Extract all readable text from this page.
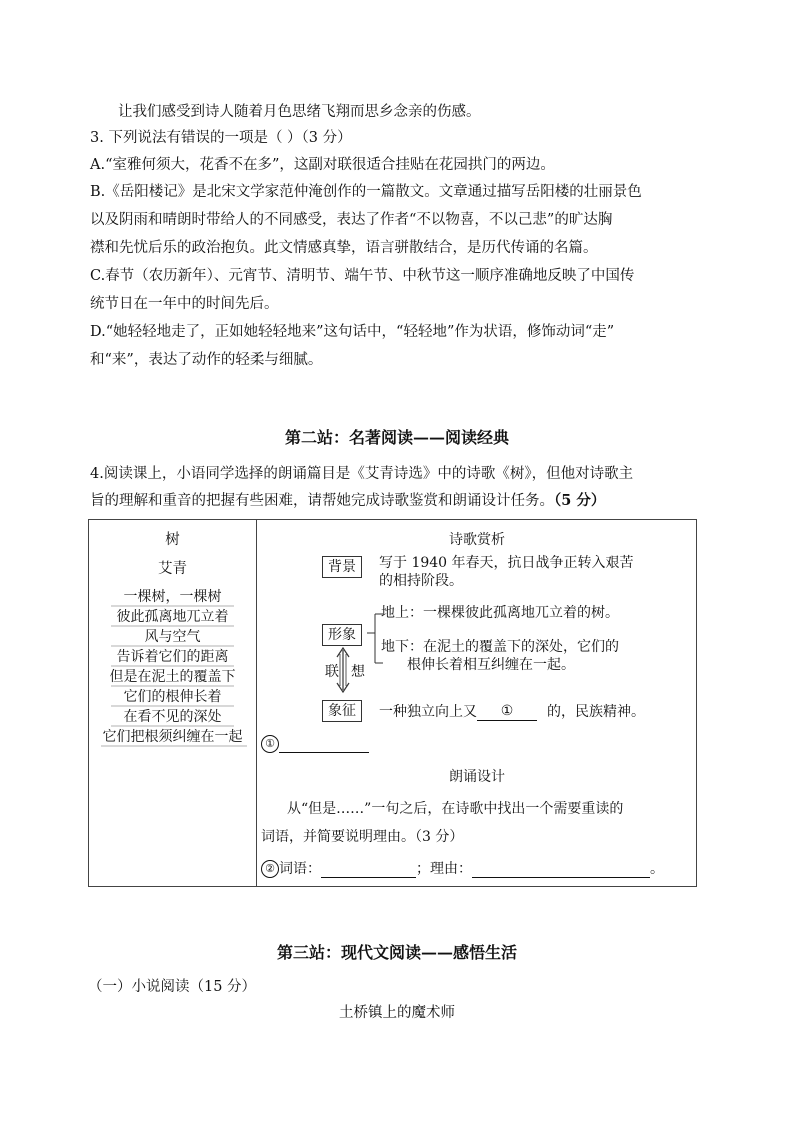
让我们感受到诗人随着月色思绪飞翔而思乡念亲的伤感。
3. 下列说法有错误的一项是（ ）（3 分）
A.“室雅何须大，花香不在多”，这副对联很适合挂贴在花园拱门的两边。
B.《岳阳楼记》是北宋文学家范仲淹创作的一篇散文。文章通过描写岳阳楼的壮丽景色
以及阴雨和晴朗时带给人的不同感受，表达了作者“不以物喜，不以己悲”的旷达胸
襟和先忧后乐的政治抱负。此文情感真挚，语言骈散结合，是历代传诵的名篇。
C.春节（农历新年）、元宵节、清明节、端午节、中秋节这一顺序准确地反映了中国传
统节日在一年中的时间先后。
D.“她轻轻地走了，正如她轻轻地来”这句话中，“轻轻地”作为状语，修饰动词“走”
和“来”，表达了动作的轻柔与细腻。
第二站：名著阅读——阅读经典
4.阅读课上，小语同学选择的朗诵篇目是《艾青诗选》中的诗歌《树》，但他对诗歌主
旨的理解和重音的把握有些困难，请帮她完成诗歌鉴赏和朗诵设计任务。（5 分）
树
艾青
一棵树，一棵树
彼此孤离地兀立着
风与空气
告诉着它们的距离
但是在泥土的覆盖下
它们的根伸长着
在看不见的深处
它们把根须纠缠在一起
诗歌赏析
背景	写于 1940 年春天，抗日战争正转入艰苦
的相持阶段。
形象
地上：一棵棵彼此孤离地兀立着的树。
地下：在泥土的覆盖下的深处，它们的
根伸长着相互纠缠在一起。
联 想
象征	一种独立向上又 ① 的，民族精神。
①
朗诵设计
从“但是……”一句之后，在诗歌中找出一个需要重读的
词语，并简要说明理由。（3 分）
② 词语：	；理由：	。
第三站：现代文阅读——感悟生活
（一）小说阅读（15 分）
土桥镇上的魔术师
